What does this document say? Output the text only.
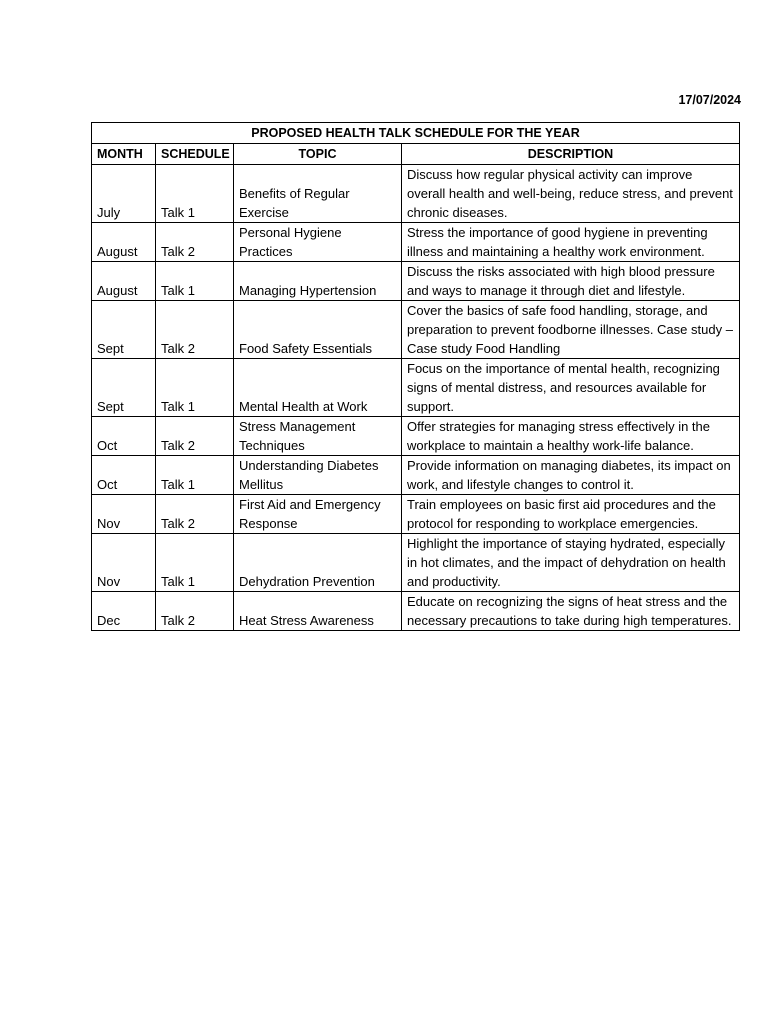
17/07/2024
PROPOSED HEALTH TALK SCHEDULE FOR THE YEAR			
MONTH	SCHEDULE	TOPIC	DESCRIPTION
July	Talk 1	Benefits of Regular Exercise	Discuss how regular physical activity can improve overall health and well-being, reduce stress, and prevent chronic diseases.
August	Talk 2	Personal Hygiene Practices	Stress the importance of good hygiene in preventing illness and maintaining a healthy work environment.
August	Talk 1	Managing Hypertension	Discuss the risks associated with high blood pressure and ways to manage it through diet and lifestyle.
Sept	Talk 2	Food Safety Essentials	Cover the basics of safe food handling, storage, and preparation to prevent foodborne illnesses. Case study – Case study Food Handling
Sept	Talk 1	Mental Health at Work	Focus on the importance of mental health, recognizing signs of mental distress, and resources available for support.
Oct	Talk 2	Stress Management Techniques	Offer strategies for managing stress effectively in the workplace to maintain a healthy work-life balance.
Oct	Talk 1	Understanding Diabetes Mellitus	Provide information on managing diabetes, its impact on work, and lifestyle changes to control it.
Nov	Talk 2	First Aid and Emergency Response	Train employees on basic first aid procedures and the protocol for responding to workplace emergencies.
Nov	Talk 1	Dehydration Prevention	Highlight the importance of staying hydrated, especially in hot climates, and the impact of dehydration on health and productivity.
Dec	Talk 2	Heat Stress Awareness	Educate on recognizing the signs of heat stress and the necessary precautions to take during high temperatures.
